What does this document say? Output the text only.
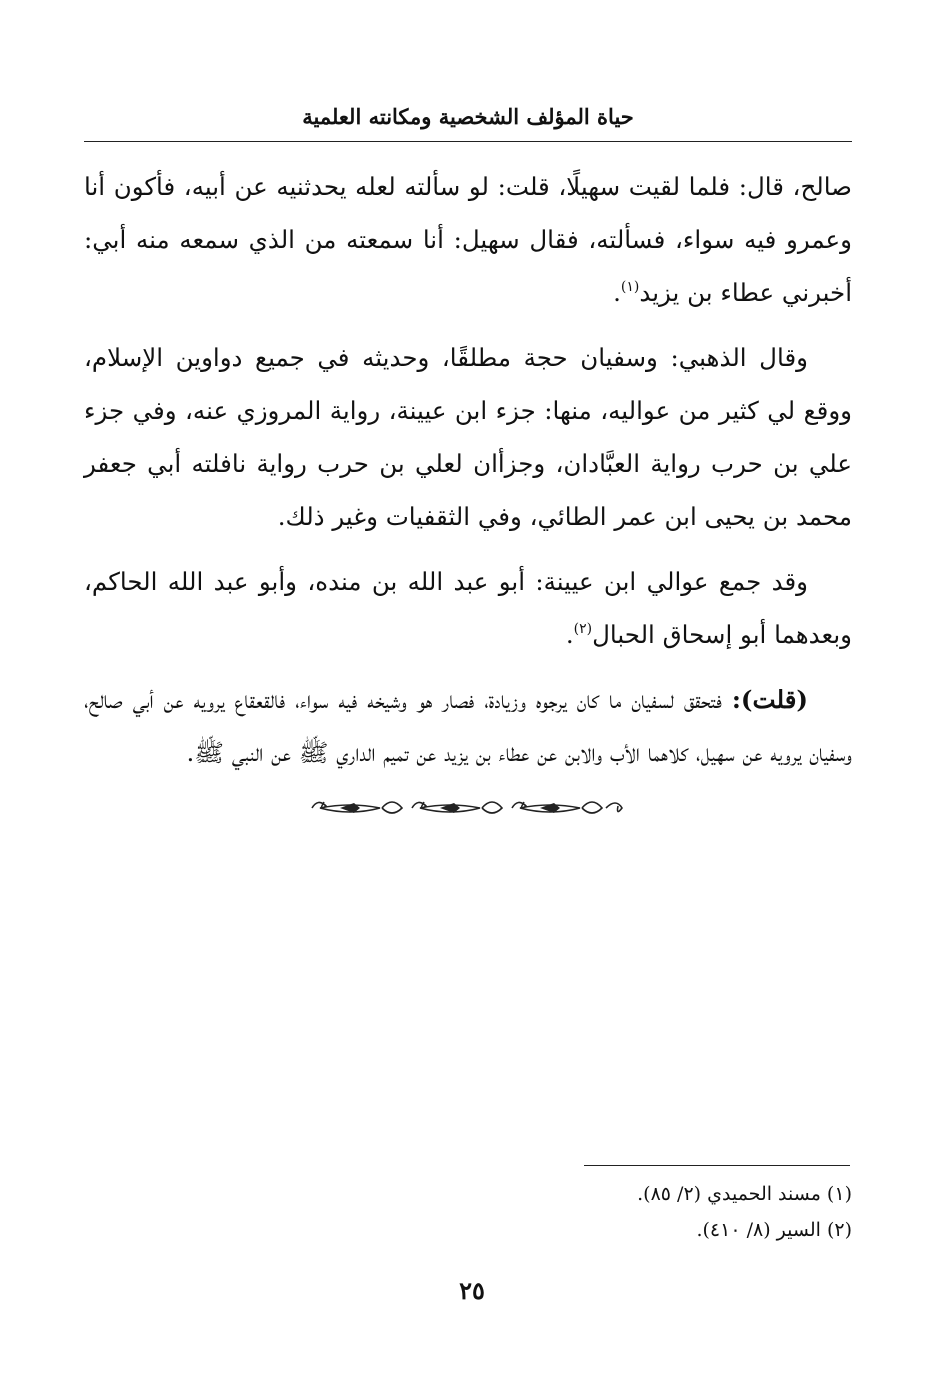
حياة المؤلف الشخصية ومكانته العلمية

صالح، قال: فلما لقيت سهيلًا، قلت: لو سألته لعله يحدثنيه عن أبيه، فأكون أنا وعمرو فيه سواء، فسألته، فقال سهيل: أنا سمعته من الذي سمعه منه أبي: أخبرني عطاء بن يزيد$^{(١)}$.

وقال الذهبي: وسفيان حجة مطلقًا، وحديثه في جميع دواوين الإسلام، ووقع لي كثير من عواليه، منها: جزء ابن عيينة، رواية المروزي عنه، وفي جزء علي بن حرب رواية العبَّادان، وجزأان لعلي بن حرب رواية نافلته أبي جعفر محمد بن يحيى ابن عمر الطائي، وفي الثقفيات وغير ذلك.

وقد جمع عوالي ابن عيينة: أبو عبد الله بن منده، وأبو عبد الله الحاكم، وبعدهما أبو إسحاق الحبال$^{(٢)}$.

(قلت): فتحقق لسفيان ما كان يرجوه وزيادة، فصار هو وشيخه فيه سواء، فالقعقاع يرويه عن أبي صالح، وسفيان يرويه عن سهيل، كلاهما الأب والابن عن عطاء بن يزيد عن تميم الداري ﷺ عن النبي ﷺ.

(١) مسند الحميدي (٢/ ٨٥).
(٢) السير (٨/ ٤١٠).
٢٥
